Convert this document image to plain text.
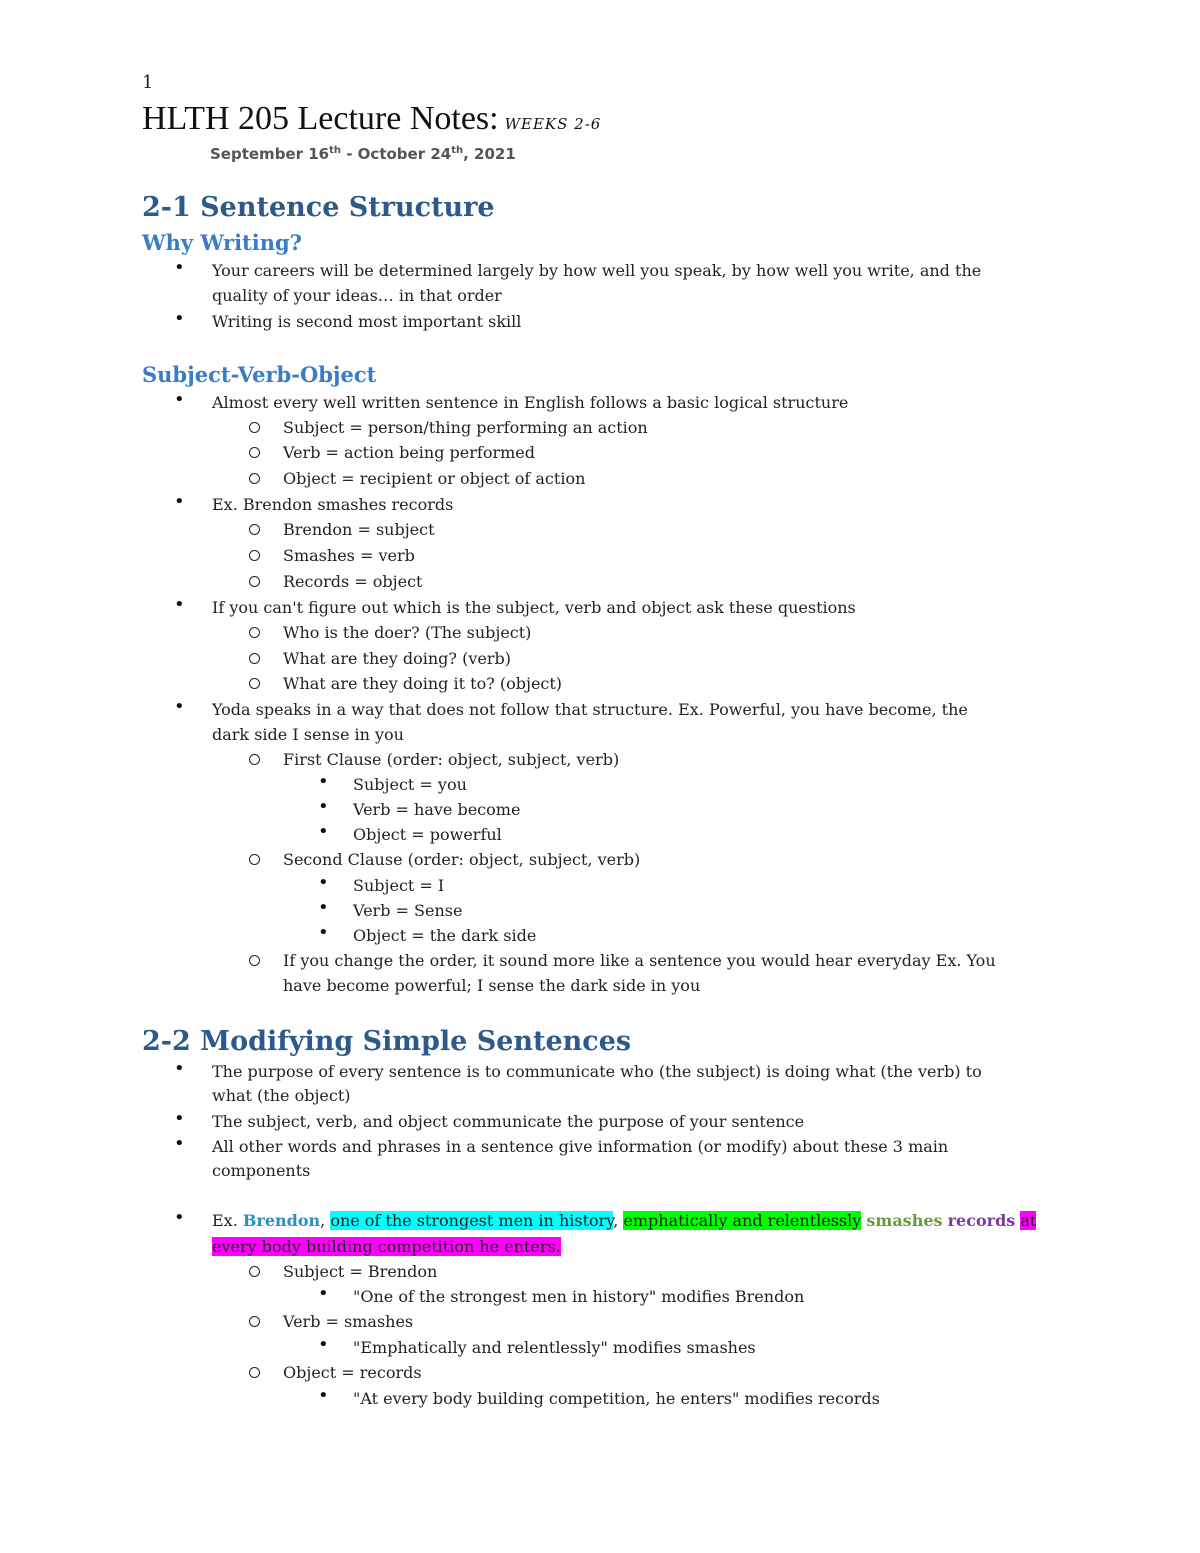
1
HLTH 205 Lecture Notes: WEEKS 2-6
September 16th - October 24th, 2021
2-1 Sentence Structure
Why Writing?
• Your careers will be determined largely by how well you speak, by how well you write, and the
quality of your ideas… in that order
• Writing is second most important skill
Subject-Verb-Object
• Almost every well written sentence in English follows a basic logical structure
Subject = person/thing performing an action
Verb = action being performed
Object = recipient or object of action
• Ex. Brendon smashes records
Brendon = subject
Smashes = verb
Records = object
• If you can't figure out which is the subject, verb and object ask these questions
Who is the doer? (The subject)
What are they doing? (verb)
What are they doing it to? (object)
• Yoda speaks in a way that does not follow that structure. Ex. Powerful, you have become, the
dark side I sense in you
First Clause (order: object, subject, verb)
• Subject = you
• Verb = have become
• Object = powerful
Second Clause (order: object, subject, verb)
• Subject = I
• Verb = Sense
• Object = the dark side
If you change the order, it sound more like a sentence you would hear everyday Ex. You
have become powerful; I sense the dark side in you
2-2 Modifying Simple Sentences
• The purpose of every sentence is to communicate who (the subject) is doing what (the verb) to
what (the object)
• The subject, verb, and object communicate the purpose of your sentence
• All other words and phrases in a sentence give information (or modify) about these 3 main
components
• Ex. Brendon, one of the strongest men in history, emphatically and relentlessly smashes records at every body building competition he enters.
Subject = Brendon
• "One of the strongest men in history" modifies Brendon
Verb = smashes
• "Emphatically and relentlessly" modifies smashes
Object = records
• "At every body building competition, he enters" modifies records
